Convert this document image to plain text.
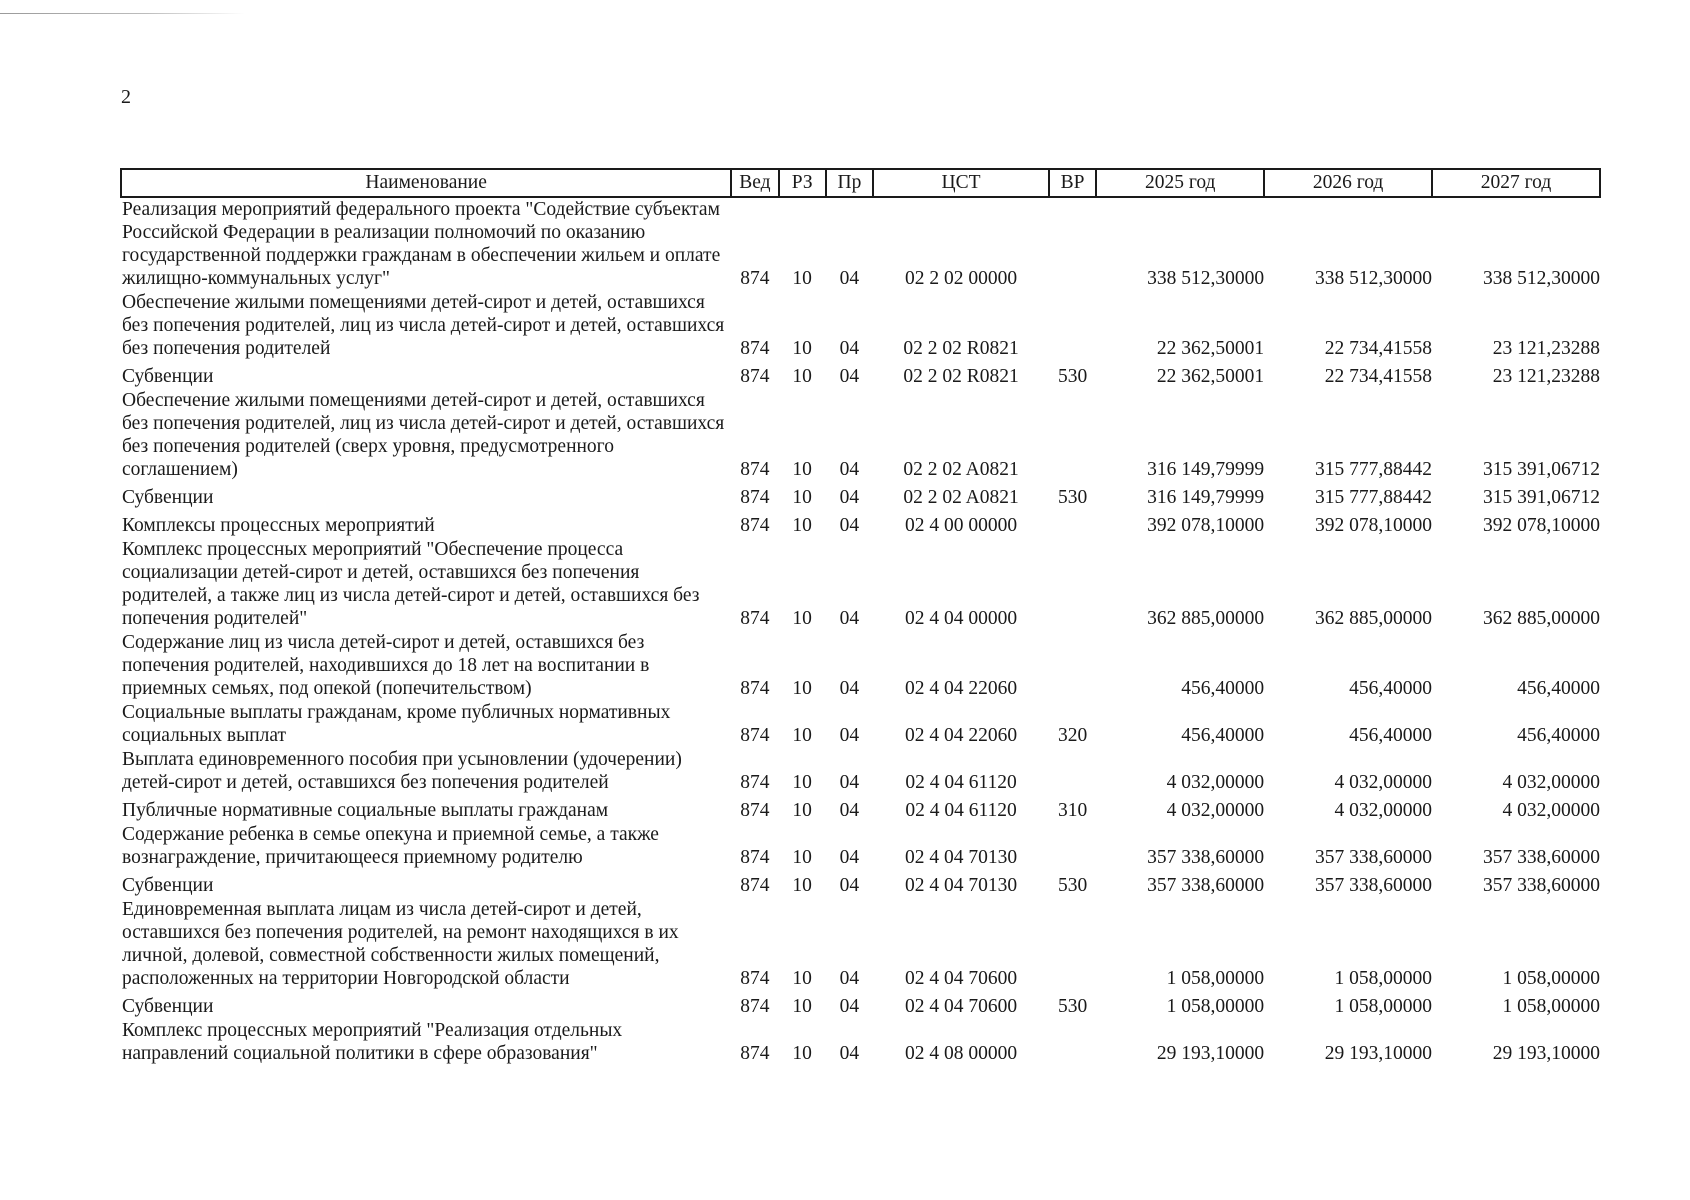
2
Наименование	Вед	РЗ	Пр	ЦСТ	ВР	2025 год	2026 год	2027 год
Реализация мероприятий федерального проекта "Содействие субъектам Российской Федерации в реализации полномочий по оказанию государственной поддержки гражданам в обеспечении жильем и оплате жилищно-коммунальных услуг"	874	10	04	02 2 02 00000		338 512,30000	338 512,30000	338 512,30000
Обеспечение жилыми помещениями детей-сирот и детей, оставшихся без попечения родителей, лиц из числа детей-сирот и детей, оставшихся без попечения родителей	874	10	04	02 2 02 R0821		22 362,50001	22 734,41558	23 121,23288
Субвенции	874	10	04	02 2 02 R0821	530	22 362,50001	22 734,41558	23 121,23288
Обеспечение жилыми помещениями детей-сирот и детей, оставшихся без попечения родителей, лиц из числа детей-сирот и детей, оставшихся без попечения родителей (сверх уровня, предусмотренного соглашением)	874	10	04	02 2 02 A0821		316 149,79999	315 777,88442	315 391,06712
Субвенции	874	10	04	02 2 02 A0821	530	316 149,79999	315 777,88442	315 391,06712
Комплексы процессных мероприятий	874	10	04	02 4 00 00000		392 078,10000	392 078,10000	392 078,10000
Комплекс процессных мероприятий "Обеспечение процесса социализации детей-сирот и детей, оставшихся без попечения родителей, а также лиц из числа детей-сирот и детей, оставшихся без попечения родителей"	874	10	04	02 4 04 00000		362 885,00000	362 885,00000	362 885,00000
Содержание лиц из числа детей-сирот и детей, оставшихся без попечения родителей, находившихся до 18 лет на воспитании в приемных семьях, под опекой (попечительством)	874	10	04	02 4 04 22060		456,40000	456,40000	456,40000
Социальные выплаты гражданам, кроме публичных нормативных социальных выплат	874	10	04	02 4 04 22060	320	456,40000	456,40000	456,40000
Выплата единовременного пособия при усыновлении (удочерении) детей-сирот и детей, оставшихся без попечения родителей	874	10	04	02 4 04 61120		4 032,00000	4 032,00000	4 032,00000
Публичные нормативные социальные выплаты гражданам	874	10	04	02 4 04 61120	310	4 032,00000	4 032,00000	4 032,00000
Содержание ребенка в семье опекуна и приемной семье, а также вознаграждение, причитающееся приемному родителю	874	10	04	02 4 04 70130		357 338,60000	357 338,60000	357 338,60000
Субвенции	874	10	04	02 4 04 70130	530	357 338,60000	357 338,60000	357 338,60000
Единовременная выплата лицам из числа детей-сирот и детей, оставшихся без попечения родителей, на ремонт находящихся в их личной, долевой, совместной собственности жилых помещений, расположенных на территории Новгородской области	874	10	04	02 4 04 70600		1 058,00000	1 058,00000	1 058,00000
Субвенции	874	10	04	02 4 04 70600	530	1 058,00000	1 058,00000	1 058,00000
Комплекс процессных мероприятий "Реализация отдельных направлений социальной политики в сфере образования"	874	10	04	02 4 08 00000		29 193,10000	29 193,10000	29 193,10000
